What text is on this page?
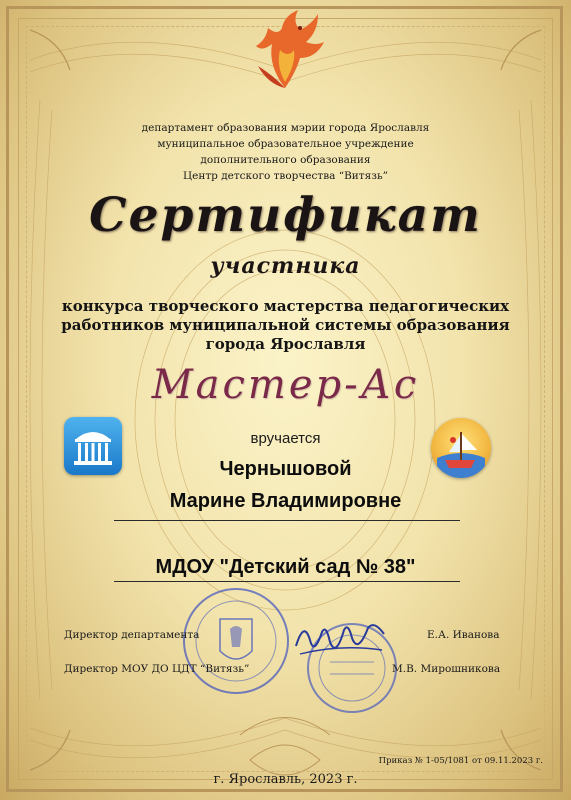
департамент образования мэрии города Ярославля
муниципальное образовательное учреждение
дополнительного образования
Центр детского творчества “Витязь”
Сертификат
участника
конкурса творческого мастерства педагогических
работников муниципальной системы образования
города Ярославля
Мастер-Ас
вручается
Чернышовой
Марине Владимировне
МДОУ "Детский сад № 38"
Директор департамента	Е.А. Иванова
Директор МОУ ДО ЦДТ “Витязь”	М.В. Мирошникова
Приказ № 1-05/1081 от 09.11.2023 г.
г. Ярославль, 2023 г.
